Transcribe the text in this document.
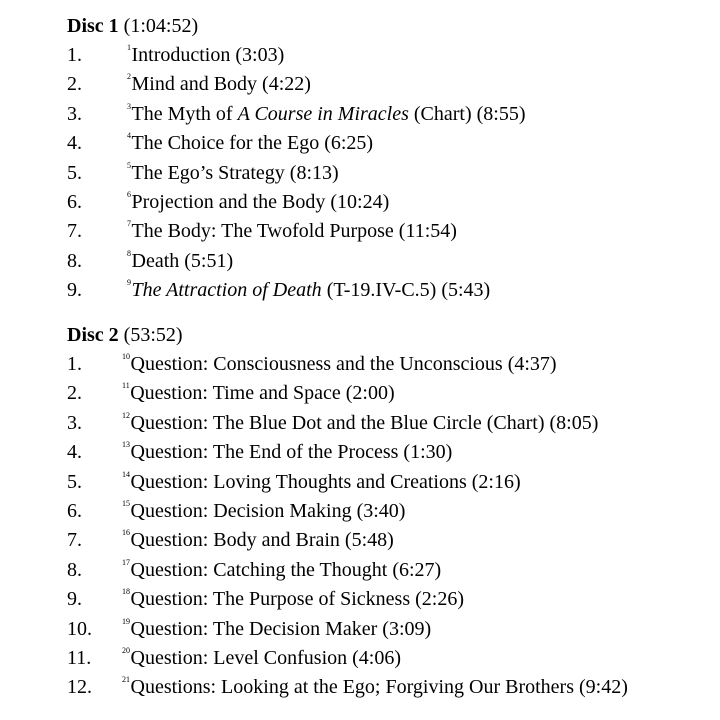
Disc 1 (1:04:52)
1.	$^1$Introduction (3:03)
2.	$^2$Mind and Body (4:22)
3.	$^3$The Myth of A Course in Miracles (Chart) (8:55)
4.	$^4$The Choice for the Ego (6:25)
5.	$^5$The Ego’s Strategy (8:13)
6.	$^6$Projection and the Body (10:24)
7.	$^7$The Body: The Twofold Purpose (11:54)
8.	$^8$Death (5:51)
9.	$^9$The Attraction of Death (T-19.IV-C.5) (5:43)
Disc 2 (53:52)
1.	$^{10}$Question: Consciousness and the Unconscious (4:37)
2.	$^{11}$Question: Time and Space (2:00)
3.	$^{12}$Question: The Blue Dot and the Blue Circle (Chart) (8:05)
4.	$^{13}$Question: The End of the Process (1:30)
5.	$^{14}$Question: Loving Thoughts and Creations (2:16)
6.	$^{15}$Question: Decision Making (3:40)
7.	$^{16}$Question: Body and Brain (5:48)
8.	$^{17}$Question: Catching the Thought (6:27)
9.	$^{18}$Question: The Purpose of Sickness (2:26)
10.	$^{19}$Question: The Decision Maker (3:09)
11.	$^{20}$Question: Level Confusion (4:06)
12.	$^{21}$Questions: Looking at the Ego; Forgiving Our Brothers (9:42)
